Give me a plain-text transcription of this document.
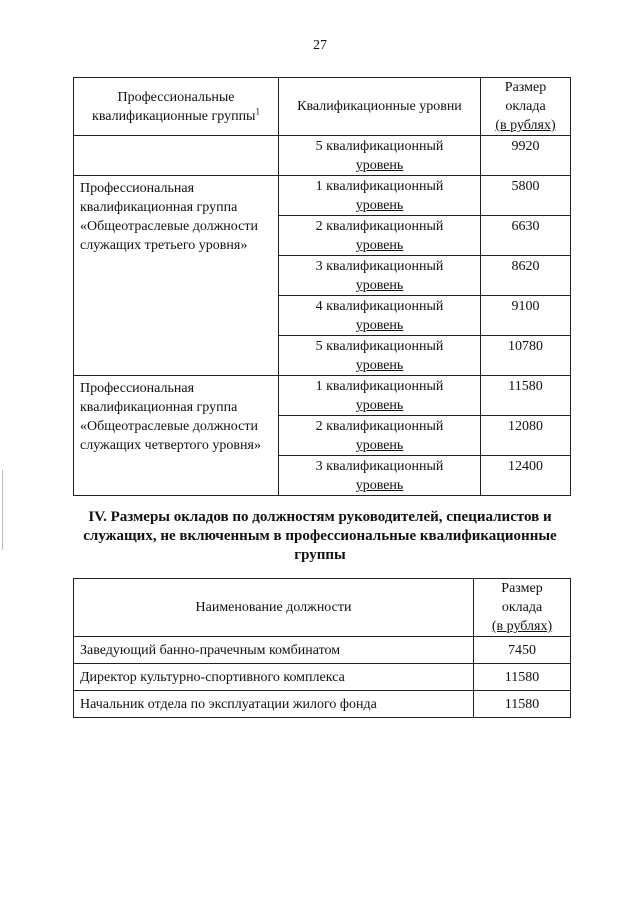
27
Профессиональные квалификационные группы$^1$	Квалификационные уровни	Размер
оклада
(в рублях)

	5 квалификационный
уровень	9920
Профессиональная квалификационная группа «Общеотраслевые должности служащих третьего уровня»	1 квалификационный
уровень	5800

	2 квалификационный
уровень	6630

	3 квалификационный
уровень	8620

	4 квалификационный
уровень	9100

	5 квалификационный
уровень	10780
Профессиональная квалификационная группа «Общеотраслевые должности служащих четвертого уровня»	1 квалификационный
уровень	11580

	2 квалификационный
уровень	12080

	3 квалификационный
уровень	12400
IV. Размеры окладов по должностям руководителей, специалистов и служащих, не включенным в профессиональные квалификационные группы
Наименование должности	Размер
оклада
(в рублях)

Заведующий банно-прачечным комбинатом	7450
Директор культурно-спортивного комплекса	11580
Начальник отдела по эксплуатации жилого фонда	11580
